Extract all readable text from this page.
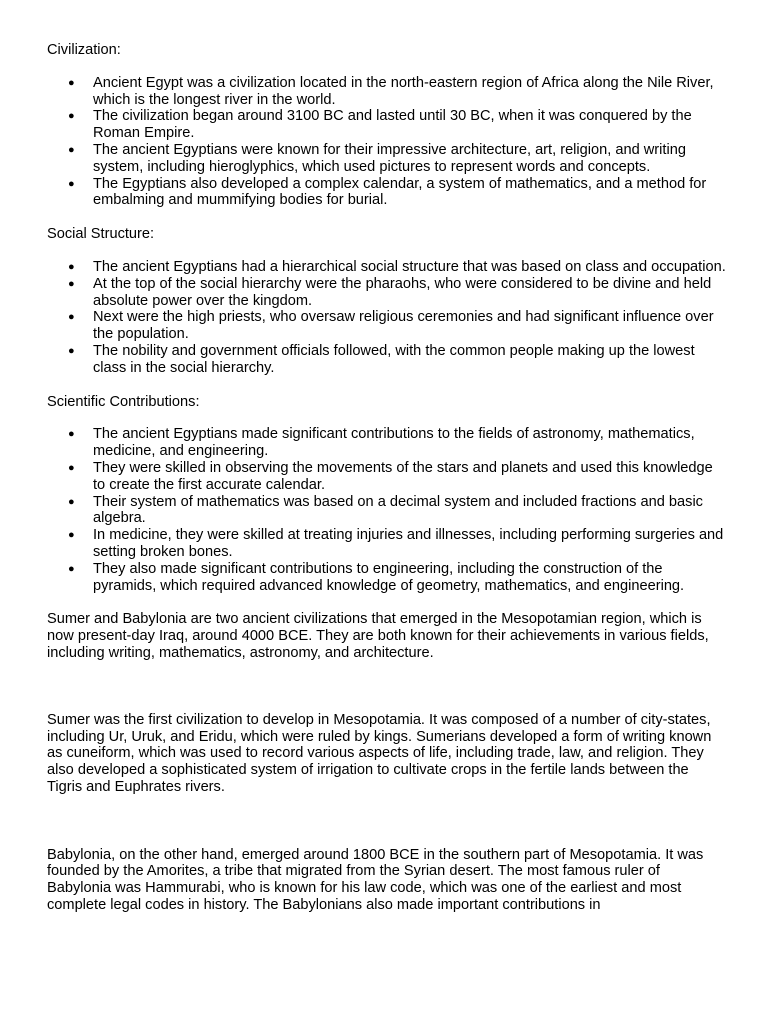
Civilization:
● Ancient Egypt was a civilization located in the north-eastern region of Africa along the Nile River, which is the longest river in the world.
● The civilization began around 3100 BC and lasted until 30 BC, when it was conquered by the Roman Empire.
● The ancient Egyptians were known for their impressive architecture, art, religion, and writing system, including hieroglyphics, which used pictures to represent words and concepts.
● The Egyptians also developed a complex calendar, a system of mathematics, and a method for embalming and mummifying bodies for burial.
Social Structure:
● The ancient Egyptians had a hierarchical social structure that was based on class and occupation.
● At the top of the social hierarchy were the pharaohs, who were considered to be divine and held absolute power over the kingdom.
● Next were the high priests, who oversaw religious ceremonies and had significant influence over the population.
● The nobility and government officials followed, with the common people making up the lowest class in the social hierarchy.
Scientific Contributions:
● The ancient Egyptians made significant contributions to the fields of astronomy, mathematics, medicine, and engineering.
● They were skilled in observing the movements of the stars and planets and used this knowledge to create the first accurate calendar.
● Their system of mathematics was based on a decimal system and included fractions and basic algebra.
● In medicine, they were skilled at treating injuries and illnesses, including performing surgeries and setting broken bones.
● They also made significant contributions to engineering, including the construction of the pyramids, which required advanced knowledge of geometry, mathematics, and engineering.

Sumer and Babylonia are two ancient civilizations that emerged in the Mesopotamian region, which is now present-day Iraq, around 4000 BCE. They are both known for their achievements in various fields, including writing, mathematics, astronomy, and architecture.

Sumer was the first civilization to develop in Mesopotamia. It was composed of a number of city-states, including Ur, Uruk, and Eridu, which were ruled by kings. Sumerians developed a form of writing known as cuneiform, which was used to record various aspects of life, including trade, law, and religion. They also developed a sophisticated system of irrigation to cultivate crops in the fertile lands between the Tigris and Euphrates rivers.

Babylonia, on the other hand, emerged around 1800 BCE in the southern part of Mesopotamia. It was founded by the Amorites, a tribe that migrated from the Syrian desert. The most famous ruler of Babylonia was Hammurabi, who is known for his law code, which was one of the earliest and most complete legal codes in history. The Babylonians also made important contributions in
